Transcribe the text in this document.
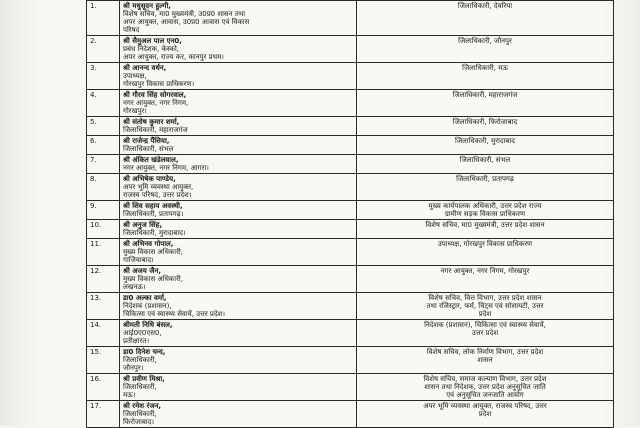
1.	श्री मधुसूदन हुल्गी,
विशेष सचिव, मा0 मुख्यमंत्री, उ0प्र0 शासन तथा
अपर आयुक्त, आवास, उ0प्र0 आवास एवं विकास
परिषद	जिलाधिकारी, देवरिया

2.	श्री सैमुअल पाल एन0,
प्रबंध निदेशक, केस्को,
अपर आयुक्त, राज्य कर, कानपुर प्रथम।	जिलाधिकारी, जौनपुर

3.	श्री आनन्द वर्धन,
उपाध्यक्ष,
गोरखपुर विकास प्राधिकरण।	जिलाधिकारी, मऊ

4.	श्री गौरव सिंह सोगरवाल,
नगर आयुक्त, नगर निगम,
गोरखपुर।	जिलाधिकारी, महाराजगंज

5.	श्री संतोष कुमार शर्मा,
जिलाधिकारी, महाराजगंज	जिलाधिकारी, फिरोजाबाद

6.	श्री राजेन्द्र पैंसिया,
जिलाधिकारी, संभल	जिलाधिकारी, मुरादाबाद

7.	श्री अंकित खंडेलवाल,
नगर आयुक्त, नगर निगम, आगरा।	जिलाधिकारी, संभल

8.	श्री अभिषेक पाण्डेय,
अपर भूमि व्यवस्था आयुक्त,
राजस्व परिषद, उत्तर प्रदेश।	जिलाधिकारी, प्रतापगढ़

9.	श्री शिव सहाय अवस्थी,
जिलाधिकारी, प्रतापगढ़।	मुख्य कार्यपालक अधिकारी, उत्तर प्रदेश राज्य
ग्रामीण सड़क विकास प्राधिकरण

10.	श्री अनुज सिंह,
जिलाधिकारी, मुरादाबाद।	विशेष सचिव, मा0 मुख्यमंत्री, उत्तर प्रदेश शासन

11.	श्री अभिनव गोपाल,
मुख्य विकास अधिकारी,
गाजियाबाद।	उपाध्यक्ष, गोरखपुर विकास प्राधिकरण

12.	श्री अजय जैन,
मुख्य विकास अधिकारी,
लखनऊ।	नगर आयुक्त, नगर निगम, गोरखपुर

13.	डा0 अल्का वर्मा,
निदेशक (प्रशासन),
चिकित्सा एवं स्वास्थ्य सेवायें, उत्तर प्रदेश।	विशेष सचिव, वित्त विभाग, उत्तर प्रदेश शासन
तथा रजिस्ट्रार, फर्म, चिट्स एवं सोसायटी, उत्तर
प्रदेश

14.	श्रीमती निधि बंसल,
आई0ए0एस0,
प्रतीक्षारत।	निदेशक (प्रशासन), चिकित्सा एवं स्वास्थ्य सेवायें,
उत्तर प्रदेश

15.	डा0 दिनेश चन्द,
जिलाधिकारी,
जौनपुर।	विशेष सचिव, लोक निर्माण विभाग, उत्तर प्रदेश
शासन

16.	श्री प्रवीण मिश्रा,
जिलाधिकारी,
मऊ।	विशेष सचिव, समाज कल्याण विभाग, उत्तर प्रदेश
शासन तथा निदेशक, उत्तर प्रदेश अनुसूचित जाति
एवं अनुसूचित जनजाति आयोग

17.	श्री रमेश रंजन,
जिलाधिकारी,
फिरोजाबाद।	अपर भूमि व्यवस्था आयुक्त, राजस्व परिषद, उत्तर
प्रदेश
